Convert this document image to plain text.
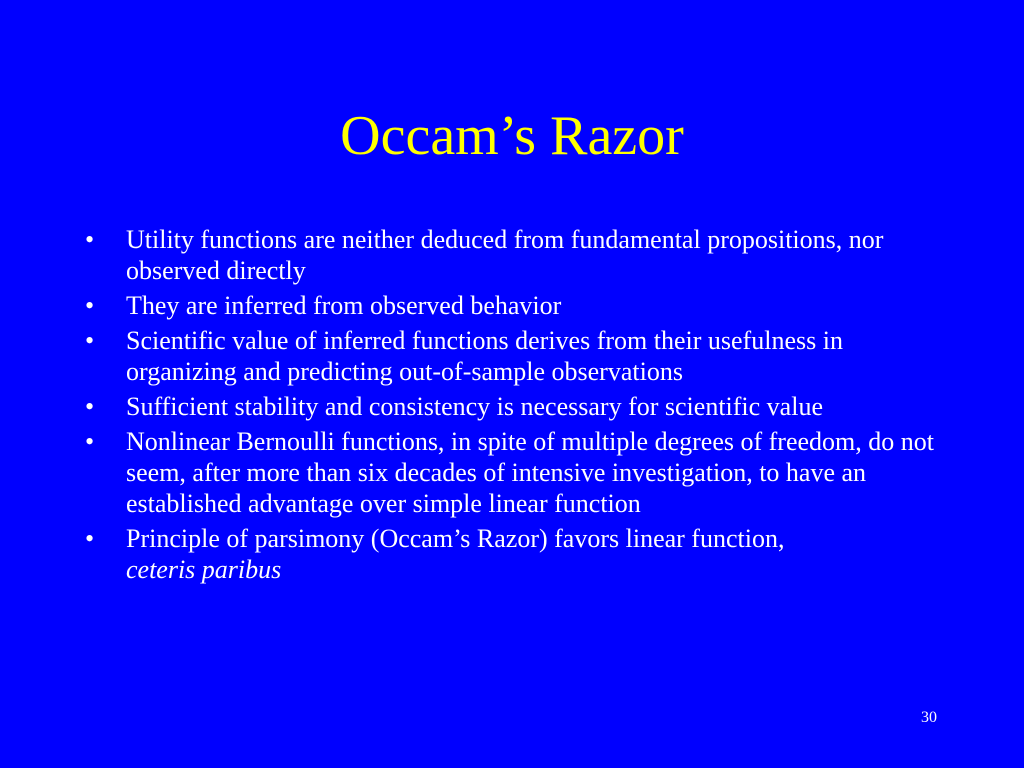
Occam’s Razor
•	Utility functions are neither deduced from fundamental propositions, nor observed directly
•	They are inferred from observed behavior
•	Scientific value of inferred functions derives from their usefulness in organizing and predicting out-of-sample observations
•	Sufficient stability and consistency is necessary for scientific value
•	Nonlinear Bernoulli functions, in spite of multiple degrees of freedom, do not seem, after more than six decades of intensive investigation, to have an established advantage over simple linear function
•	Principle of parsimony (Occam’s Razor) favors linear function,
ceteris paribus
30
